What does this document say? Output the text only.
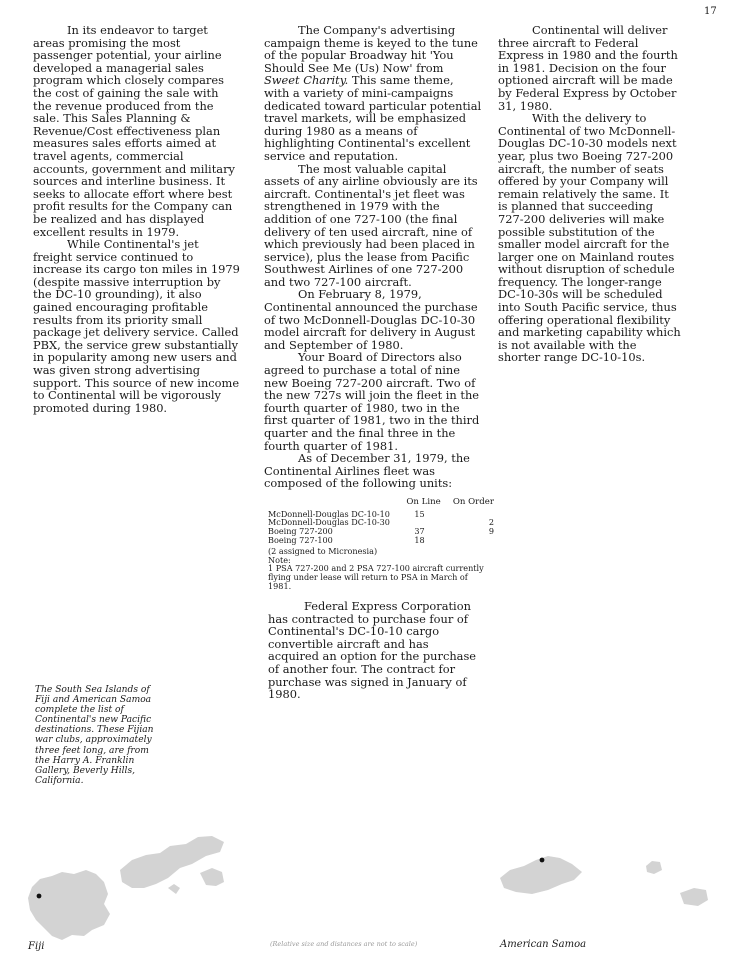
17

In its endeavor to target areas promising the most passenger potential, your airline developed a managerial sales program which closely compares the cost of gaining the sale with the revenue produced from the sale. This Sales Planning & Revenue/Cost effectiveness plan measures sales efforts aimed at travel agents, commercial accounts, government and military sources and interline business. It seeks to allocate effort where best profit results for the Company can be realized and has displayed excellent results in 1979.

While Continental's jet freight service continued to increase its cargo ton miles in 1979 (despite massive interruption by the DC-10 grounding), it also gained encouraging profitable results from its priority small package jet delivery service. Called PBX, the service grew substantially in popularity among new users and was given strong advertising support. This source of new income to Continental will be vigorously promoted during 1980.

The Company's advertising campaign theme is keyed to the tune of the popular Broadway hit 'You Should See Me (Us) Now' from Sweet Charity. This same theme, with a variety of mini-campaigns dedicated toward particular potential travel markets, will be emphasized during 1980 as a means of highlighting Continental's excellent service and reputation.

The most valuable capital assets of any airline obviously are its aircraft. Continental's jet fleet was strengthened in 1979 with the addition of one 727-100 (the final delivery of ten used aircraft, nine of which previously had been placed in service), plus the lease from Pacific Southwest Airlines of one 727-200 and two 727-100 aircraft.

On February 8, 1979, Continental announced the purchase of two McDonnell-Douglas DC-10-30 model aircraft for delivery in August and September of 1980.

Your Board of Directors also agreed to purchase a total of nine new Boeing 727-200 aircraft. Two of the new 727s will join the fleet in the fourth quarter of 1980, two in the first quarter of 1981, two in the third quarter and the final three in the fourth quarter of 1981.

As of December 31, 1979, the Continental Airlines fleet was composed of the following units:

	On Line	On Order
McDonnell-Douglas DC-10-10	15	
McDonnell-Douglas DC-10-30		2
Boeing 727-200	37	9
Boeing 727-100	18	
(2 assigned to Micronesia)
Note:
1 PSA 727-200 and 2 PSA 727-100 aircraft currently flying under lease will return to PSA in March of 1981.

Federal Express Corporation has contracted to purchase four of Continental's DC-10-10 cargo convertible aircraft and has acquired an option for the purchase of another four. The contract for purchase was signed in January of 1980.

Continental will deliver three aircraft to Federal Express in 1980 and the fourth in 1981. Decision on the four optioned aircraft will be made by Federal Express by October 31, 1980.

With the delivery to Continental of two McDonnell-Douglas DC-10-30 models next year, plus two Boeing 727-200 aircraft, the number of seats offered by your Company will remain relatively the same. It is planned that succeeding 727-200 deliveries will make possible substitution of the smaller model aircraft for the larger one on Mainland routes without disruption of schedule frequency. The longer-range DC-10-30s will be scheduled into South Pacific service, thus offering operational flexibility and marketing capability which is not available with the shorter range DC-10-10s.

The South Sea Islands of Fiji and American Samoa complete the list of Continental's new Pacific destinations. These Fijian war clubs, approximately three feet long, are from the Harry A. Franklin Gallery, Beverly Hills, California.
Fiji	American Samoa
(Relative size and distances are not to scale)
